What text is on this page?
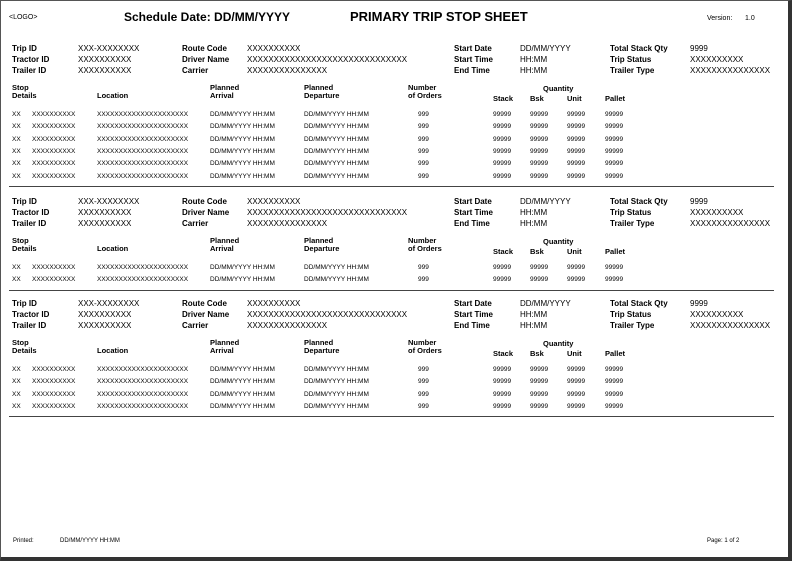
<LOGO>	Schedule Date: DD/MM/YYYY	PRIMARY TRIP STOP SHEET	Version: 1.0
Trip ID	XXX-XXXXXXXX	Route Code	XXXXXXXXXX	Start Date	DD/MM/YYYY	Total Stack Qty	9999
Tractor ID	XXXXXXXXXX	Driver Name XXXXXXXXXXXXXXXXXXXXXXXXXXXXXX	Start Time	HH:MM	Trip Status	XXXXXXXXXX
Trailer ID	XXXXXXXXXX	Carrier	XXXXXXXXXXXXXXX	End Time	HH:MM	Trailer Type	XXXXXXXXXXXXXXX
Stop
Details	Location
Planned
Arrival
Planned
Departure
Number
of Orders
Quantity
Stack Bsk	Unit	Pallet
XX XXXXXXXXXX	XXXXXXXXXXXXXXXXXXXXX	DD/MM/YYYY HH:MM	DD/MM/YYYY HH:MM	999	99999	99999	99999	99999
XX XXXXXXXXXX	XXXXXXXXXXXXXXXXXXXXX	DD/MM/YYYY HH:MM	DD/MM/YYYY HH:MM	999	99999	99999	99999	99999
XX XXXXXXXXXX	XXXXXXXXXXXXXXXXXXXXX	DD/MM/YYYY HH:MM	DD/MM/YYYY HH:MM	999	99999	99999	99999	99999
XX XXXXXXXXXX	XXXXXXXXXXXXXXXXXXXXX	DD/MM/YYYY HH:MM	DD/MM/YYYY HH:MM	999	99999	99999	99999	99999
XX XXXXXXXXXX	XXXXXXXXXXXXXXXXXXXXX	DD/MM/YYYY HH:MM	DD/MM/YYYY HH:MM	999	99999	99999	99999	99999
XX XXXXXXXXXX	XXXXXXXXXXXXXXXXXXXXX	DD/MM/YYYY HH:MM	DD/MM/YYYY HH:MM	999	99999	99999	99999	99999
Trip ID	XXX-XXXXXXXX	Route Code	XXXXXXXXXX	Start Date	DD/MM/YYYY	Total Stack Qty	9999
Tractor ID	XXXXXXXXXX	Driver Name XXXXXXXXXXXXXXXXXXXXXXXXXXXXXX	Start Time	HH:MM	Trip Status	XXXXXXXXXX
Trailer ID	XXXXXXXXXX	Carrier	XXXXXXXXXXXXXXX	End Time	HH:MM	Trailer Type	XXXXXXXXXXXXXXX
Stop
Details	Location
Planned
Arrival
Planned
Departure
Number
of Orders
Quantity
Stack Bsk	Unit	Pallet
XX XXXXXXXXXX	XXXXXXXXXXXXXXXXXXXXX	DD/MM/YYYY HH:MM	DD/MM/YYYY HH:MM	999	99999	99999	99999	99999
XX XXXXXXXXXX	XXXXXXXXXXXXXXXXXXXXX	DD/MM/YYYY HH:MM	DD/MM/YYYY HH:MM	999	99999	99999	99999	99999
Trip ID	XXX-XXXXXXXX	Route Code	XXXXXXXXXX	Start Date	DD/MM/YYYY	Total Stack Qty	9999
Tractor ID	XXXXXXXXXX	Driver Name XXXXXXXXXXXXXXXXXXXXXXXXXXXXXX	Start Time	HH:MM	Trip Status	XXXXXXXXXX
Trailer ID	XXXXXXXXXX	Carrier	XXXXXXXXXXXXXXX	End Time	HH:MM	Trailer Type	XXXXXXXXXXXXXXX
Stop
Details	Location
Planned
Arrival
Planned
Departure
Number
of Orders
Quantity
Stack Bsk	Unit	Pallet
XX XXXXXXXXXX	XXXXXXXXXXXXXXXXXXXXX	DD/MM/YYYY HH:MM	DD/MM/YYYY HH:MM	999	99999	99999	99999	99999
XX XXXXXXXXXX	XXXXXXXXXXXXXXXXXXXXX	DD/MM/YYYY HH:MM	DD/MM/YYYY HH:MM	999	99999	99999	99999	99999
XX XXXXXXXXXX	XXXXXXXXXXXXXXXXXXXXX	DD/MM/YYYY HH:MM	DD/MM/YYYY HH:MM	999	99999	99999	99999	99999
XX XXXXXXXXXX	XXXXXXXXXXXXXXXXXXXXX	DD/MM/YYYY HH:MM	DD/MM/YYYY HH:MM	999	99999	99999	99999	99999
Printed:	DD/MM/YYYY HH:MM	Page: 1 of 2
